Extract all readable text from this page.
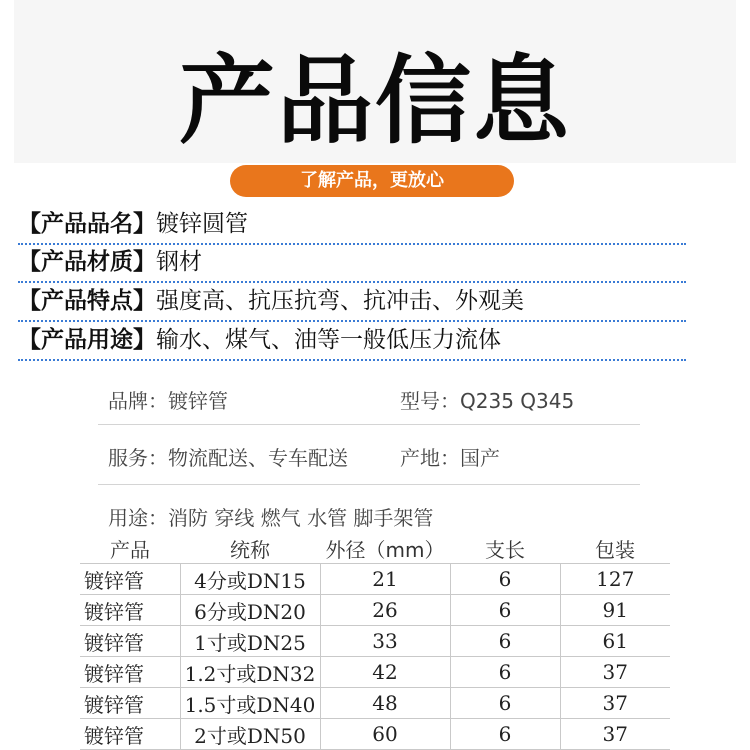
产品信息
了解产品，更放心
【产品品名】镀锌圆管
【产品材质】钢材
【产品特点】强度高、抗压抗弯、抗冲击、外观美
【产品用途】输水、煤气、油等一般低压力流体
品牌：镀锌管	型号：Q235 Q345
服务：物流配送、专车配送	产地：国产
用途：消防 穿线 燃气 水管 脚手架管
产品	统称	外径（mm）	支长	包装
镀锌管	4分或DN15	21	6	127
镀锌管	6分或DN20	26	6	91
镀锌管	1寸或DN25	33	6	61
镀锌管	1.2寸或DN32	42	6	37
镀锌管	1.5寸或DN40	48	6	37
镀锌管	2寸或DN50	60	6	37
